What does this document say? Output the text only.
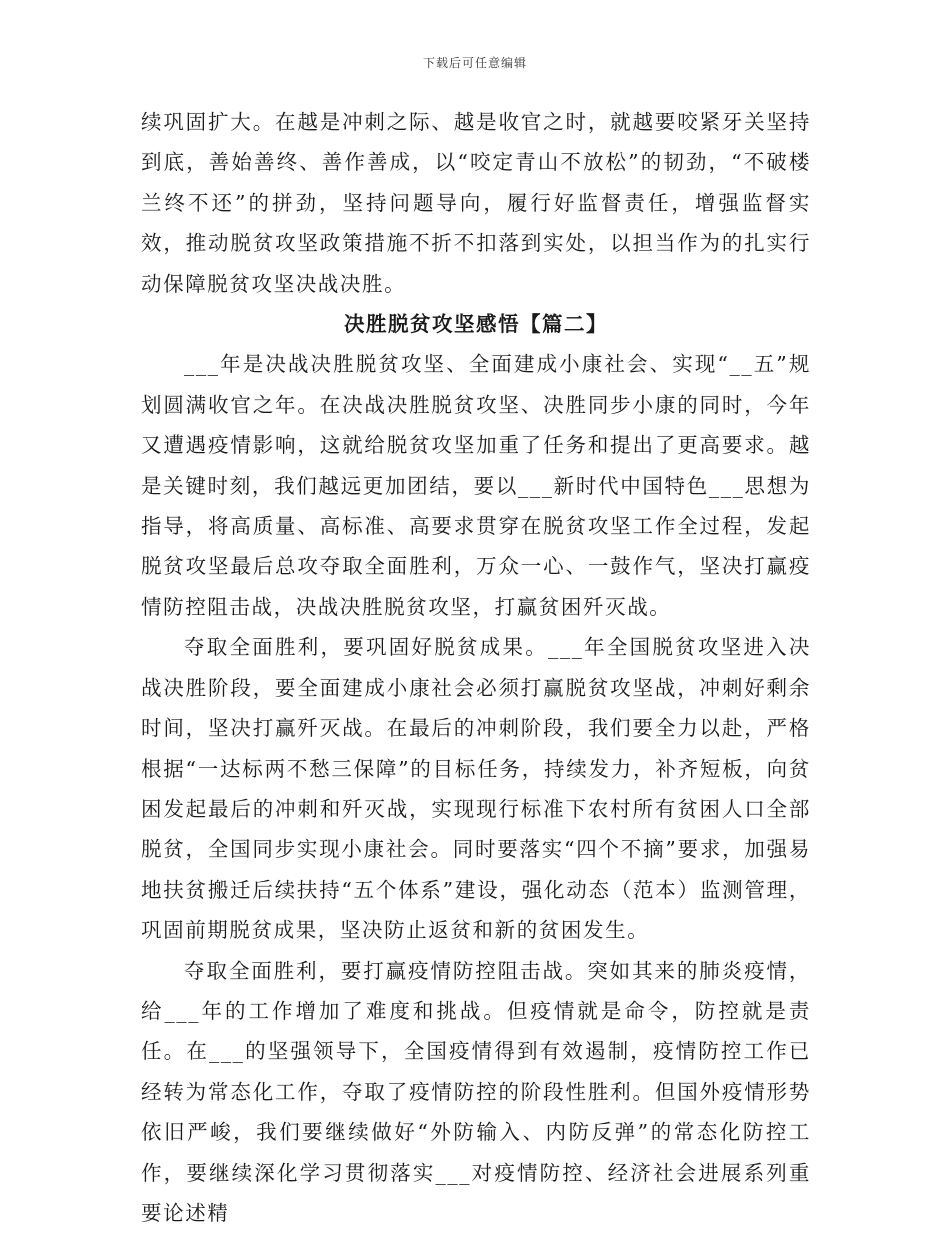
下载后可任意编辑

续巩固扩大。在越是冲刺之际、越是收官之时，就越要咬紧牙关坚持到底，善始善终、善作善成，以“咬定青山不放松”的韧劲，“不破楼兰终不还”的拼劲，坚持问题导向，履行好监督责任，增强监督实效，推动脱贫攻坚政策措施不折不扣落到实处，以担当作为的扎实行动保障脱贫攻坚决战决胜。

决胜脱贫攻坚感悟【篇二】

___年是决战决胜脱贫攻坚、全面建成小康社会、实现“__五”规划圆满收官之年。在决战决胜脱贫攻坚、决胜同步小康的同时，今年又遭遇疫情影响，这就给脱贫攻坚加重了任务和提出了更高要求。越是关键时刻，我们越远更加团结，要以___新时代中国特色___思想为指导，将高质量、高标准、高要求贯穿在脱贫攻坚工作全过程，发起脱贫攻坚最后总攻夺取全面胜利，万众一心、一鼓作气，坚决打赢疫情防控阻击战，决战决胜脱贫攻坚，打赢贫困歼灭战。

夺取全面胜利，要巩固好脱贫成果。___年全国脱贫攻坚进入决战决胜阶段，要全面建成小康社会必须打赢脱贫攻坚战，冲刺好剩余时间，坚决打赢歼灭战。在最后的冲刺阶段，我们要全力以赴，严格根据“一达标两不愁三保障”的目标任务，持续发力，补齐短板，向贫困发起最后的冲刺和歼灭战，实现现行标准下农村所有贫困人口全部脱贫，全国同步实现小康社会。同时要落实“四个不摘”要求，加强易地扶贫搬迁后续扶持“五个体系”建设，强化动态（范本）监测管理，巩固前期脱贫成果，坚决防止返贫和新的贫困发生。

夺取全面胜利，要打赢疫情防控阻击战。突如其来的肺炎疫情，给___年的工作增加了难度和挑战。但疫情就是命令，防控就是责任。在___的坚强领导下，全国疫情得到有效遏制，疫情防控工作已经转为常态化工作，夺取了疫情防控的阶段性胜利。但国外疫情形势依旧严峻，我们要继续做好“外防输入、内防反弹”的常态化防控工作，要继续深化学习贯彻落实___对疫情防控、经济社会进展系列重要论述精
